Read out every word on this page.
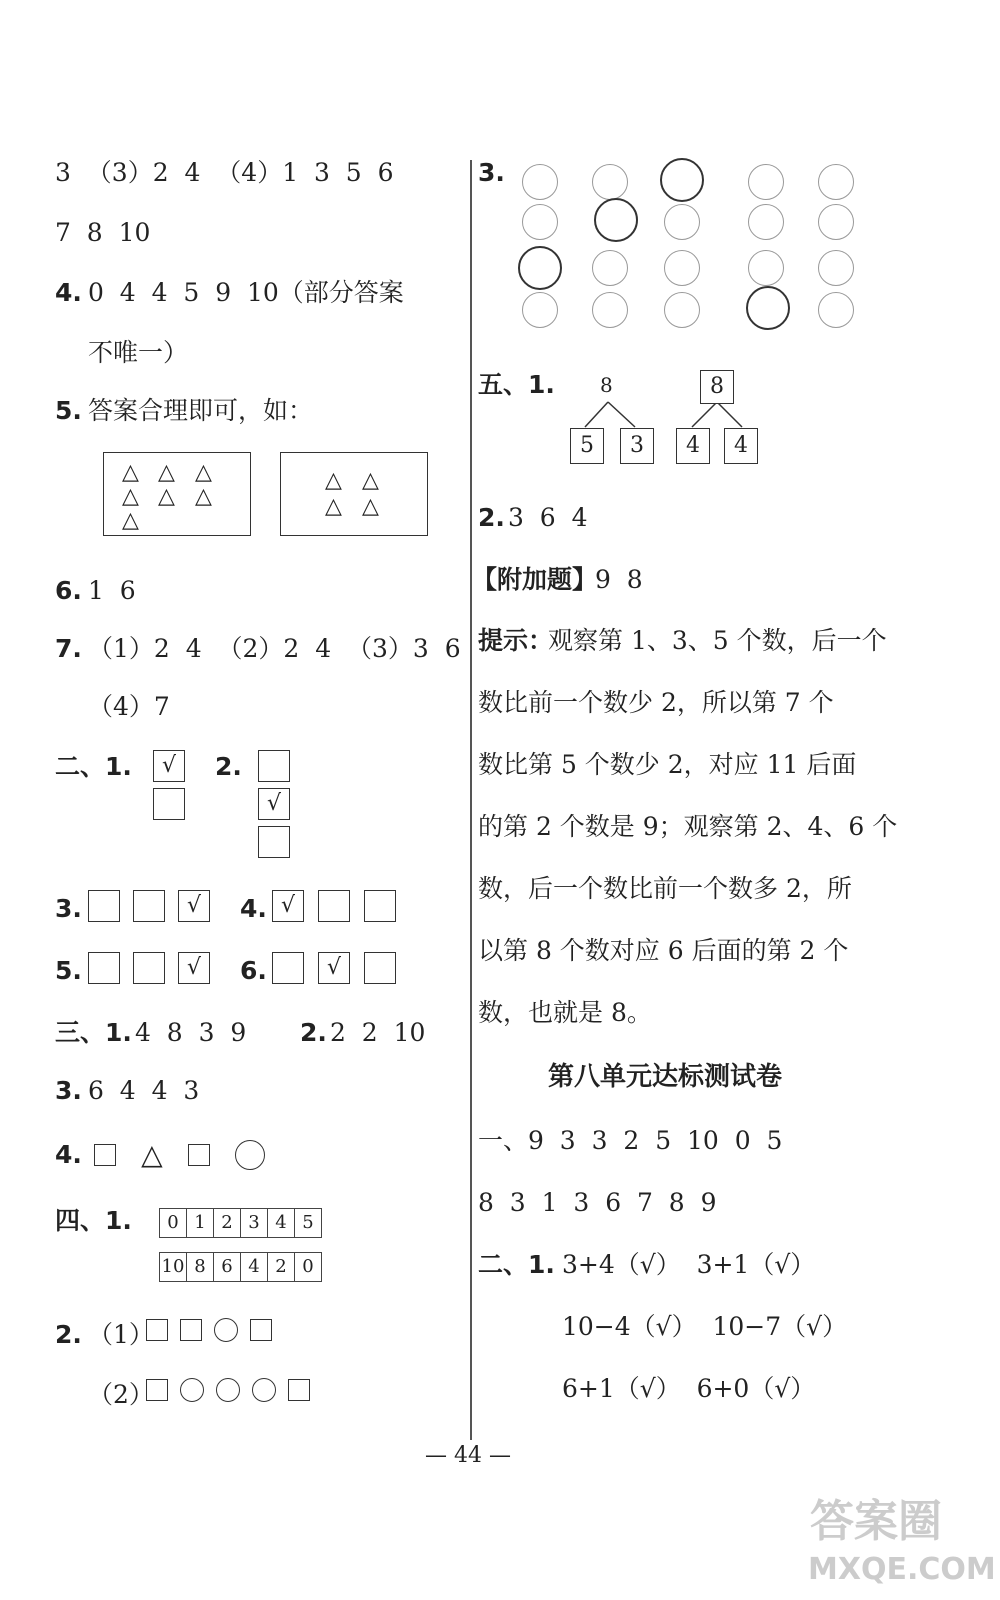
3  （3）2  4  （4）1  3  5  6
7  8  10
4. 0  4  4  5  9  10（部分答案
不唯一）
5. 答案合理即可，如：
△ △ △
△ △ △
△
△ △
△ △
6. 1  6
7. （1）2  4  （2）2  4  （3）3  6
（4）7
二、1.	√	2.
√
3.	√	4. √
5.	√	6.	√
三、1. 4  8  3  9 2. 2  2  10
3. 6  4  4  3
4.	△
四、1.	0 1 2 3 4 5
10 8 6 4 2 0
2. （1）
（2）
3.
五、1. 8
5	3
8
4	4
2. 3  6  4
【附加题】
9  8
提示：
观察第 1、3、5 个数，后一个
数比前一个数少 2，所以第 7 个
数比第 5 个数少 2，对应 11 后面
的第 2 个数是 9；观察第 2、4、6 个
数，后一个数比前一个数多 2，所
以第 8 个数对应 6 后面的第 2 个
数，也就是 8。
第八单元达标测试卷
一、9  3  3  2  5  10  0  5
8  3  1  3  6  7  8  9
二、1. 3+4（√）  3+1（√）
10−4（√）  10−7（√）
6+1（√）  6+0（√）
— 44 —
答案圈
MXQE.COM
